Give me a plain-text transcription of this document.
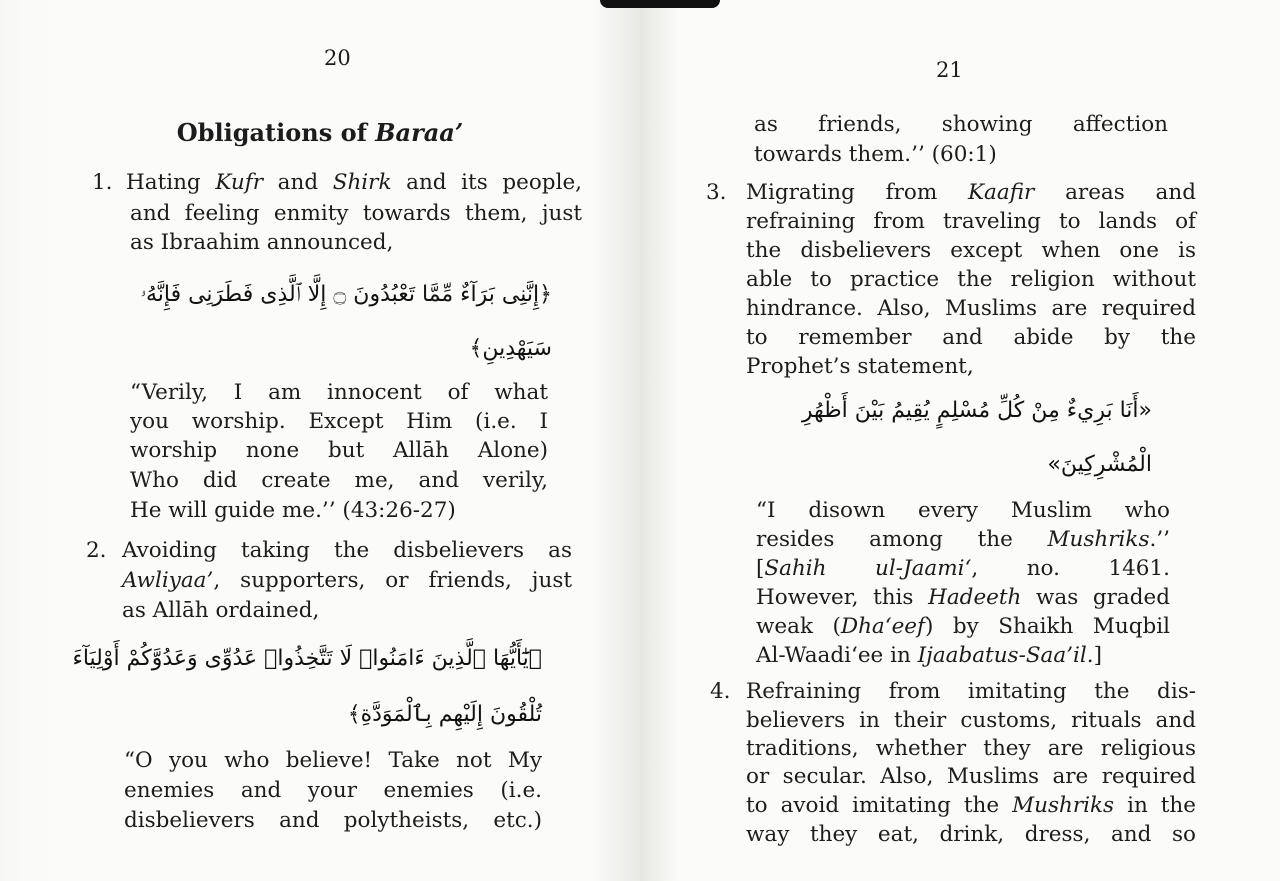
20
Obligations of Baraa’
1. Hating Kufr and Shirk and its people,
and feeling enmity towards them, just
as Ibraahim announced,
﴿إِنَّنِى بَرَآءٌ مِّمَّا تَعْبُدُونَ ۝ إِلَّا ٱلَّذِى فَطَرَنِى فَإِنَّهُۥ
سَيَهْدِينِ﴾
“Verily, I am innocent of what
you worship. Except Him (i.e. I
worship none but Allāh Alone)
Who did create me, and verily,
He will guide me.’’ (43:26-27)
2. Avoiding taking the disbelievers as
Awliyaa’, supporters, or friends, just
as Allāh ordained,
﴿يَٰٓأَيُّهَا ٱلَّذِينَ ءَامَنُوا۟ لَا تَتَّخِذُوا۟ عَدُوِّى وَعَدُوَّكُمْ أَوْلِيَآءَ
تُلْقُونَ إِلَيْهِم بِٱلْمَوَدَّةِ﴾
“O you who believe! Take not My
enemies and your enemies (i.e.
disbelievers and polytheists, etc.)
21
as friends, showing affection
towards them.’’ (60:1)
3. Migrating from Kaafir areas and
refraining from traveling to lands of
the disbelievers except when one is
able to practice the religion without
hindrance. Also, Muslims are required
to remember and abide by the
Prophet’s statement,
«أَنَا بَرِيءٌ مِنْ كُلِّ مُسْلِمٍ يُقِيمُ بَيْنَ أَظْهُرِ
الْمُشْرِكِينَ»
“I disown every Muslim who
resides among the Mushriks.’’
[Sahih ul-Jaami‘, no. 1461.
However, this Hadeeth was graded
weak (Dha‘eef) by Shaikh Muqbil
Al-Waadi‘ee in Ijaabatus-Saa’il.]
4. Refraining from imitating the dis-
believers in their customs, rituals and
traditions, whether they are religious
or secular. Also, Muslims are required
to avoid imitating the Mushriks in the
way they eat, drink, dress, and so
